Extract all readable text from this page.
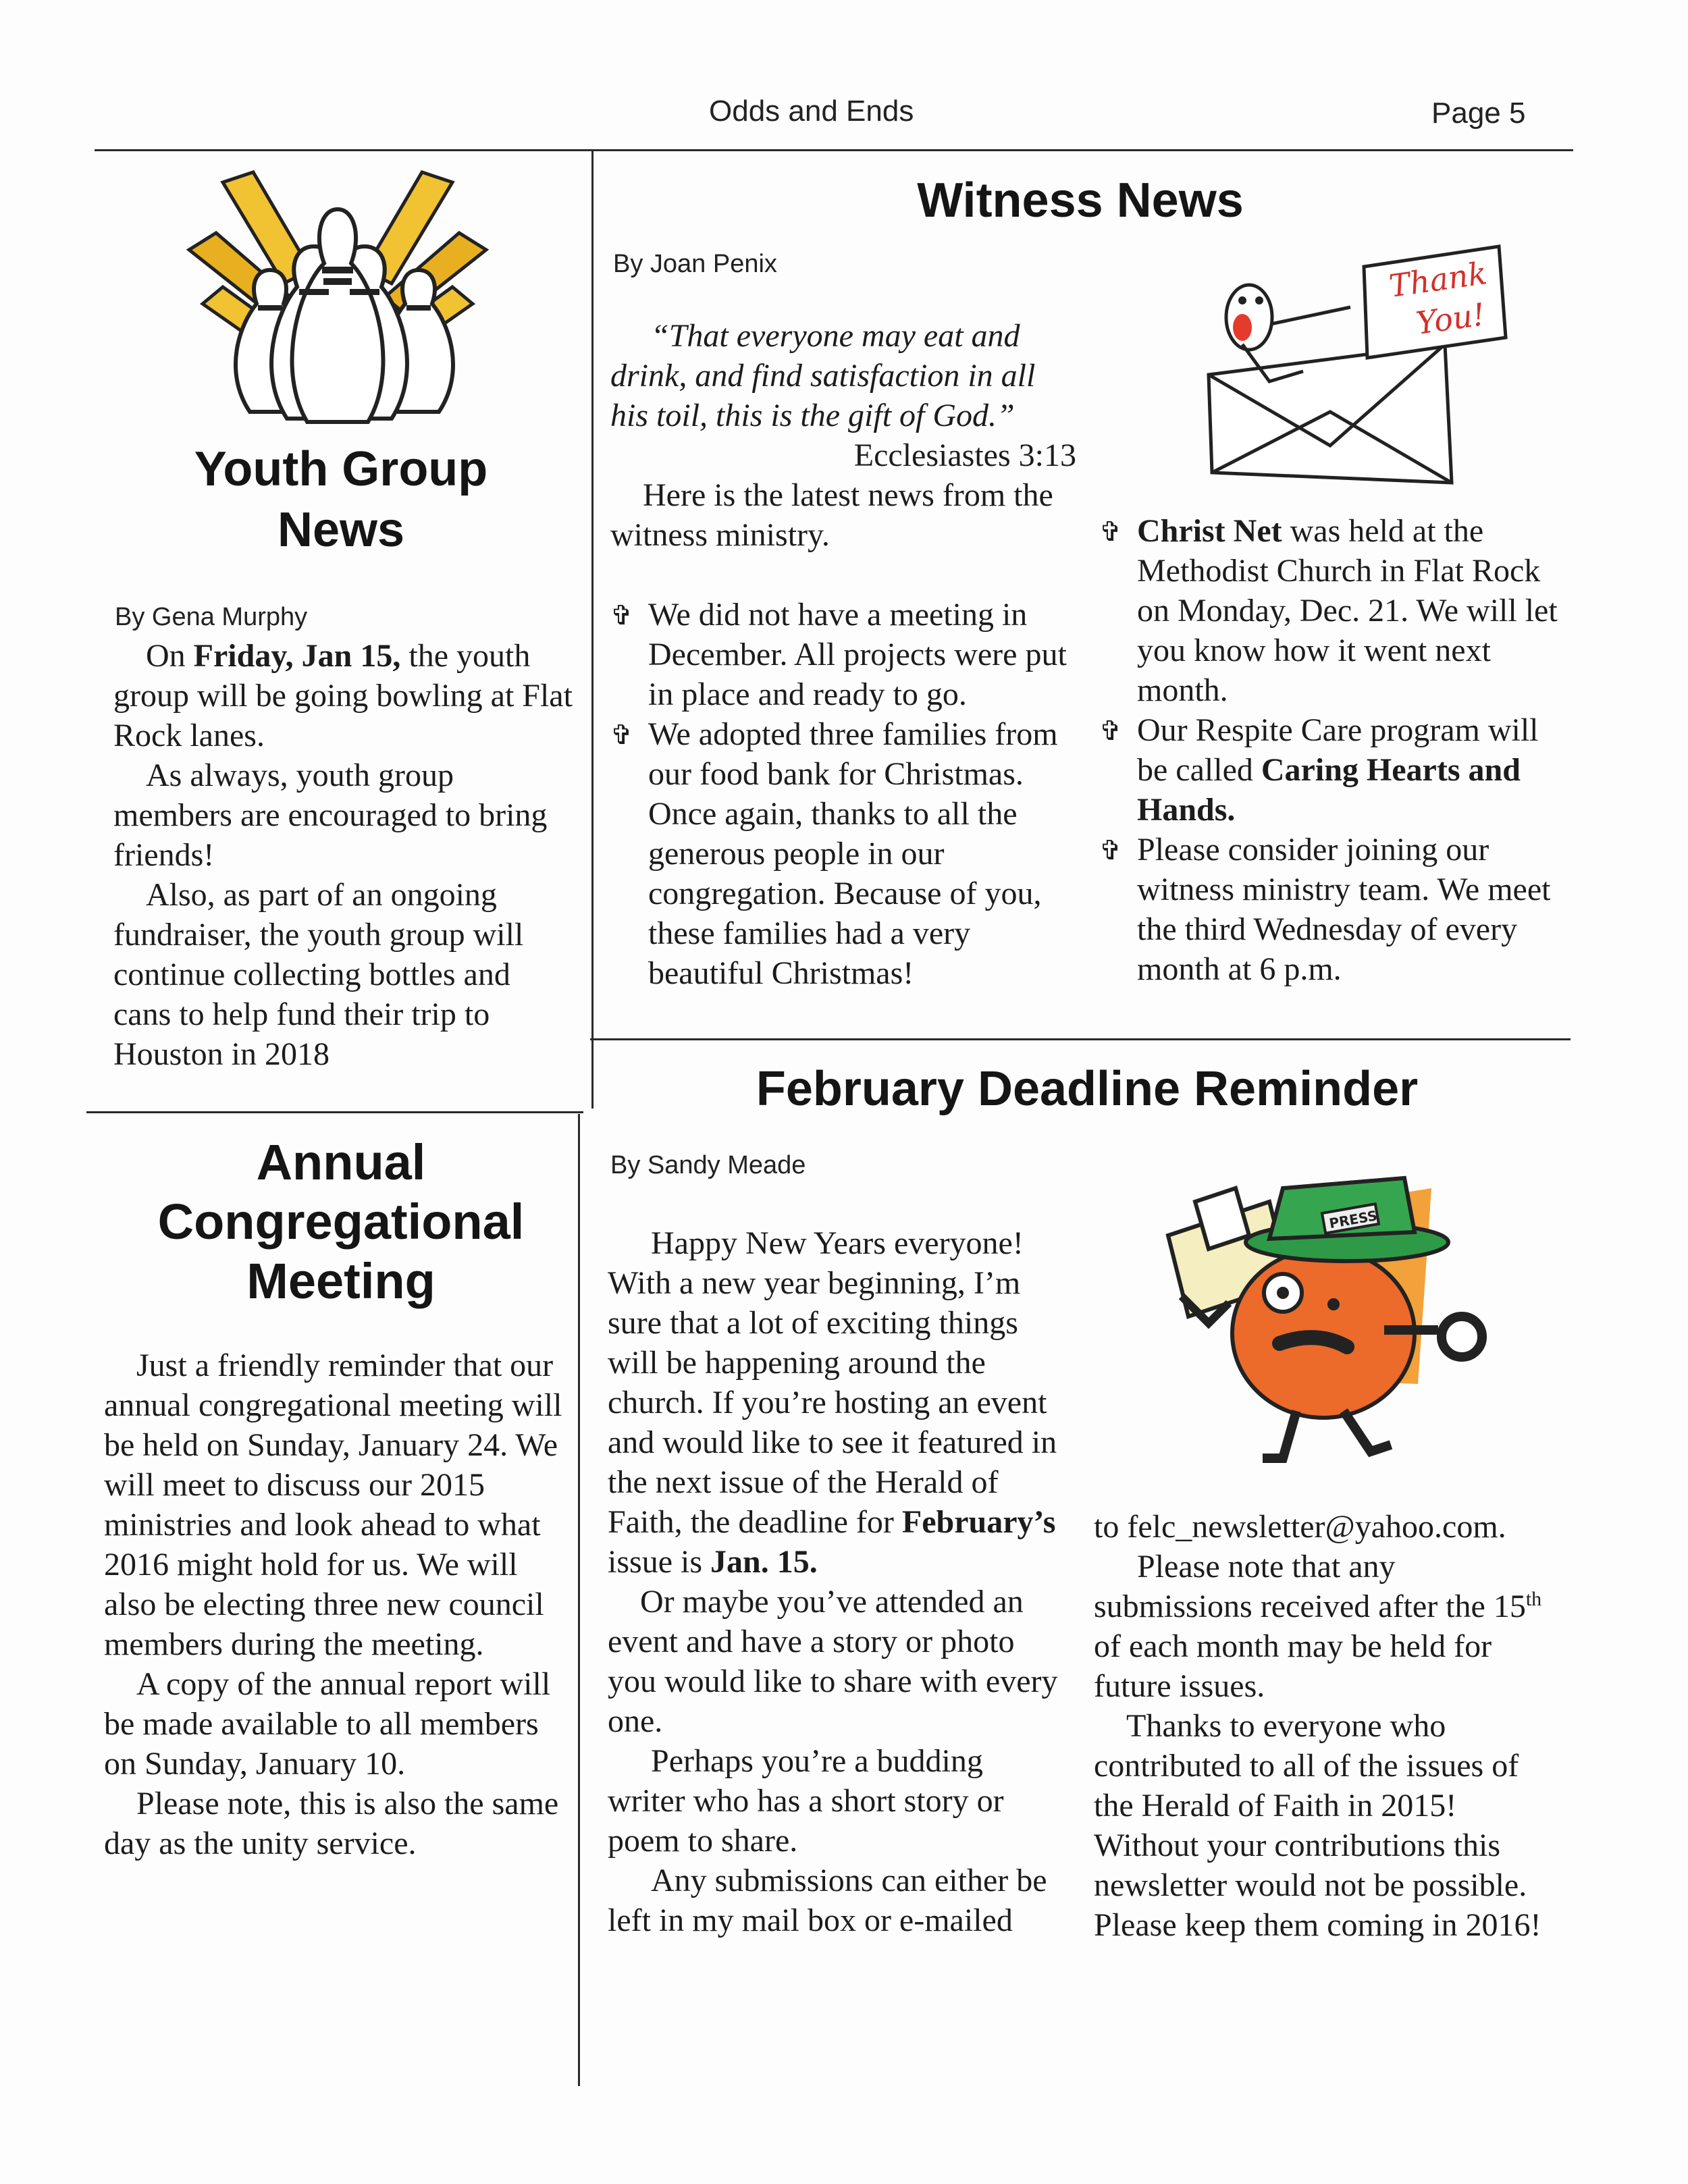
Odds and Ends	Page 5
Youth Group
News
By Gena Murphy

On Friday, Jan 15, the youth group will be going bowling at Flat Rock lanes.

As always, youth group members are encouraged to bring friends!

Also, as part of an ongoing fundraiser, the youth group will continue collecting bottles and cans to help fund their trip to Houston in 2018

Annual
Congregational
Meeting

Just a friendly reminder that our annual congregational meeting will be held on Sunday, January 24. We will meet to discuss our 2015 ministries and look ahead to what 2016 might hold for us. We will also be electing three new council members during the meeting.

A copy of the annual report will be made available to all members on Sunday, January 10.

Please note, this is also the same day as the unity service.

Witness News
By Joan Penix

“That everyone may eat and drink, and find satisfaction in all his toil, this is the gift of God.”

Ecclesiastes 3:13

Here is the latest news from the witness ministry.

✞ We did not have a meeting in December. All projects were put in place and ready to go.
✞ We adopted three families from our food bank for Christmas. Once again, thanks to all the generous people in our congregation. Because of you, these families had a very beautiful Christmas!
Thank
You!
✞ Christ Net was held at the Methodist Church in Flat Rock on Monday, Dec. 21. We will let you know how it went next month.
✞ Our Respite Care program will be called Caring Hearts and Hands.
✞ Please consider joining our witness ministry team. We meet the third Wednesday of every month at 6 p.m.
February Deadline Reminder
By Sandy Meade

Happy New Years everyone! With a new year beginning, I’m sure that a lot of exciting things will be happening around the church. If you’re hosting an event and would like to see it featured in the next issue of the Herald of Faith, the deadline for February’s issue is Jan. 15.

Or maybe you’ve attended an event and have a story or photo you would like to share with every one.

Perhaps you’re a budding writer who has a short story or poem to share.

Any submissions can either be left in my mail box or e-mailed

PRESS

to felc_newsletter@yahoo.com.

Please note that any submissions received after the 15th of each month may be held for future issues.

Thanks to everyone who contributed to all of the issues of the Herald of Faith in 2015! Without your contributions this newsletter would not be possible. Please keep them coming in 2016!
